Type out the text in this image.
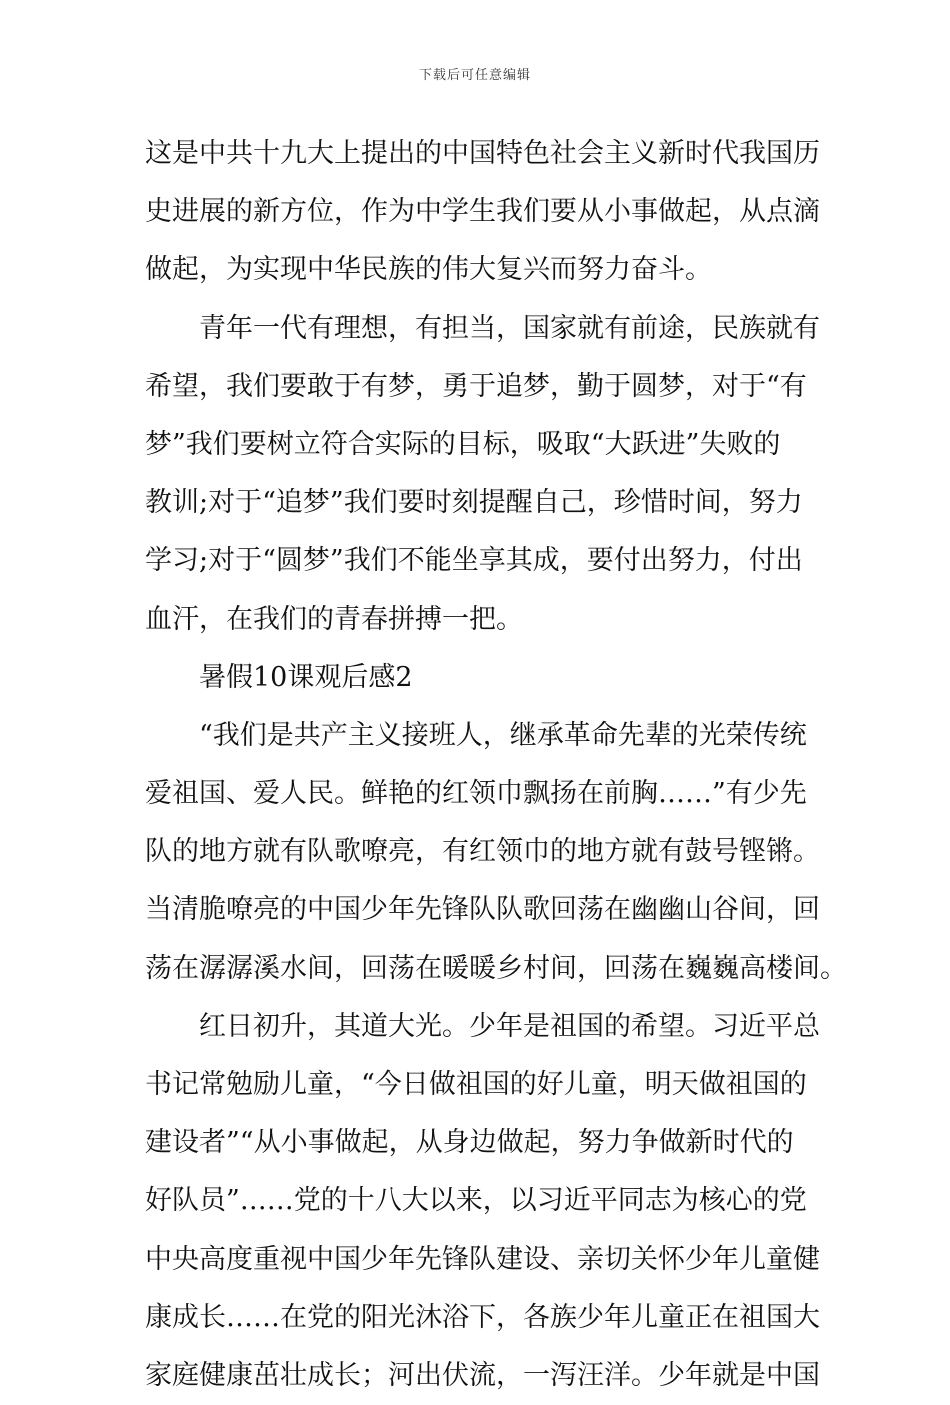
下载后可任意编辑
这是中共十九大上提出的中国特色社会主义新时代我国历
史进展的新方位，作为中学生我们要从小事做起，从点滴
做起，为实现中华民族的伟大复兴而努力奋斗。
青年一代有理想，有担当，国家就有前途，民族就有
希望，我们要敢于有梦，勇于追梦，勤于圆梦，对于“有
梦”我们要树立符合实际的目标，吸取“大跃进”失败的
教训;对于“追梦”我们要时刻提醒自己，珍惜时间，努力
学习;对于“圆梦”我们不能坐享其成，要付出努力，付出
血汗，在我们的青春拼搏一把。
暑假10课观后感2
“我们是共产主义接班人，继承革命先辈的光荣传统
爱祖国、爱人民。鲜艳的红领巾飘扬在前胸……”有少先
队的地方就有队歌嘹亮，有红领巾的地方就有鼓号铿锵。
当清脆嘹亮的中国少年先锋队队歌回荡在幽幽山谷间，回
荡在潺潺溪水间，回荡在暖暖乡村间，回荡在巍巍高楼间。
红日初升，其道大光。少年是祖国的希望。习近平总
书记常勉励儿童，“今日做祖国的好儿童，明天做祖国的
建设者”“从小事做起，从身边做起，努力争做新时代的
好队员”……党的十八大以来，以习近平同志为核心的党
中央高度重视中国少年先锋队建设、亲切关怀少年儿童健
康成长……在党的阳光沐浴下，各族少年儿童正在祖国大
家庭健康茁壮成长；河出伏流，一泻汪洋。少年就是中国
